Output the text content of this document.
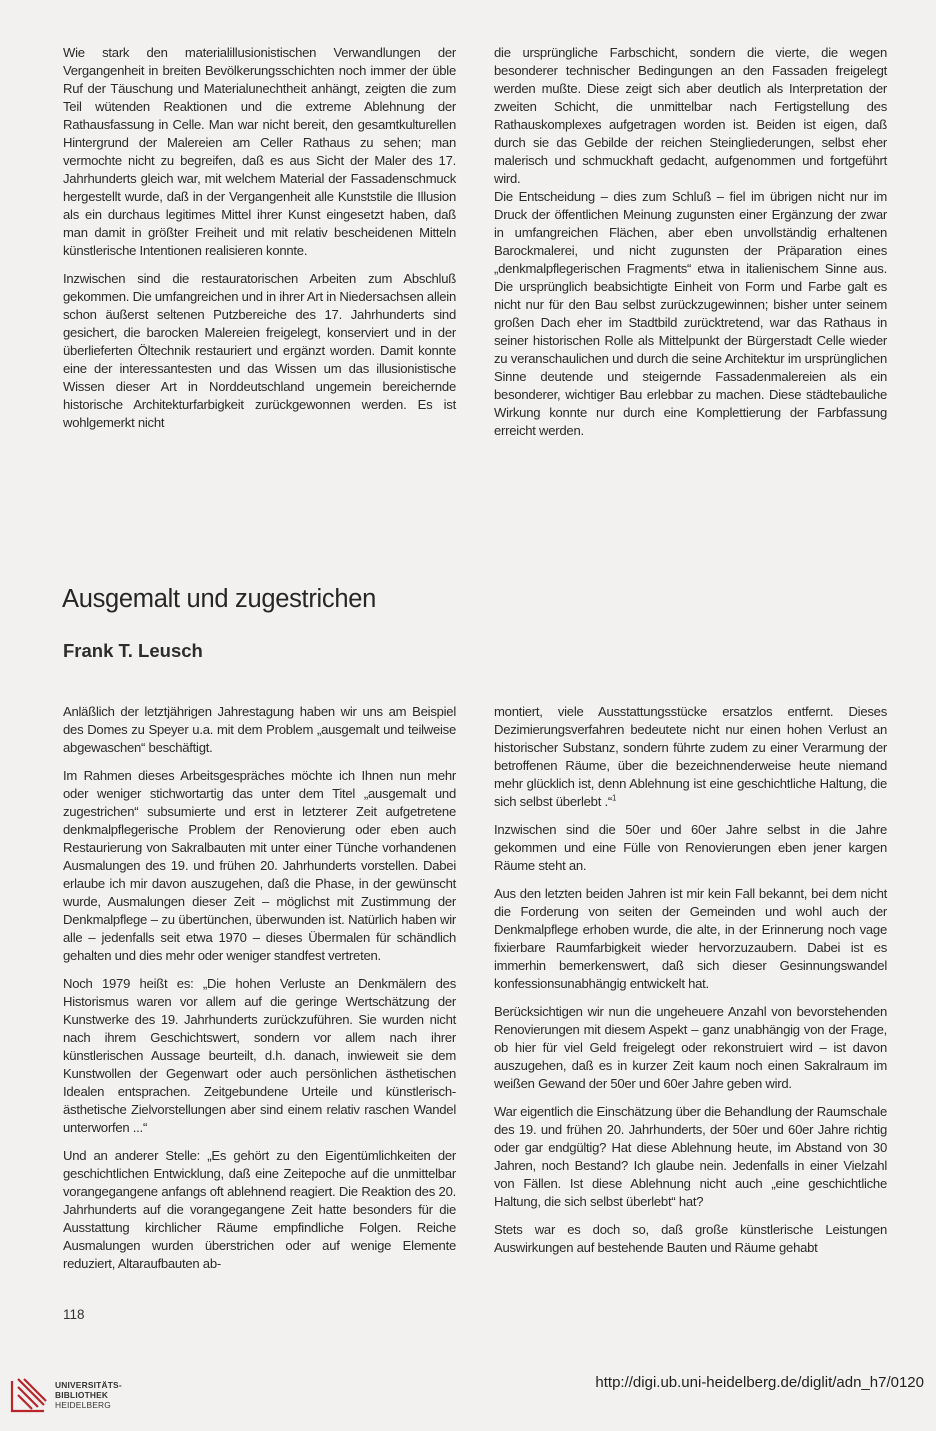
Wie stark den materialillusionistischen Verwandlungen der Vergangenheit in breiten Bevölkerungsschichten noch immer der üble Ruf der Täuschung und Materialunechtheit anhängt, zeigten die zum Teil wütenden Reaktionen und die extreme Ablehnung der Rathausfassung in Celle. Man war nicht bereit, den gesamtkulturellen Hintergrund der Malereien am Celler Rathaus zu sehen; man vermochte nicht zu begreifen, daß es aus Sicht der Maler des 17. Jahrhunderts gleich war, mit welchem Material der Fassadenschmuck hergestellt wurde, daß in der Vergangenheit alle Kunststile die Illusion als ein durchaus legitimes Mittel ihrer Kunst eingesetzt haben, daß man damit in größter Freiheit und mit relativ bescheidenen Mitteln künstlerische Intentionen realisieren konnte.

Inzwischen sind die restauratorischen Arbeiten zum Abschluß gekommen. Die umfangreichen und in ihrer Art in Niedersachsen allein schon äußerst seltenen Putzbereiche des 17. Jahrhunderts sind gesichert, die barocken Malereien freigelegt, konserviert und in der überlieferten Öltechnik restauriert und ergänzt worden. Damit konnte eine der interessantesten und das Wissen um das illusionistische Wissen dieser Art in Norddeutschland ungemein bereichernde historische Architekturfarbigkeit zurückgewonnen werden. Es ist wohlgemerkt nicht

die ursprüngliche Farbschicht, sondern die vierte, die wegen besonderer technischer Bedingungen an den Fassaden freigelegt werden mußte. Diese zeigt sich aber deutlich als Interpretation der zweiten Schicht, die unmittelbar nach Fertigstellung des Rathauskomplexes aufgetragen worden ist. Beiden ist eigen, daß durch sie das Gebilde der reichen Steingliederungen, selbst eher malerisch und schmuckhaft gedacht, aufgenommen und fortgeführt wird.

Die Entscheidung – dies zum Schluß – fiel im übrigen nicht nur im Druck der öffentlichen Meinung zugunsten einer Ergänzung der zwar in umfangreichen Flächen, aber eben unvollständig erhaltenen Barockmalerei, und nicht zugunsten der Präparation eines „denkmalpflegerischen Fragments“ etwa in italienischem Sinne aus. Die ursprünglich beabsichtigte Einheit von Form und Farbe galt es nicht nur für den Bau selbst zurückzugewinnen; bisher unter seinem großen Dach eher im Stadtbild zurücktretend, war das Rathaus in seiner historischen Rolle als Mittelpunkt der Bürgerstadt Celle wieder zu veranschaulichen und durch die seine Architektur im ursprünglichen Sinne deutende und steigernde Fassadenmalereien als ein besonderer, wichtiger Bau erlebbar zu machen. Diese städtebauliche Wirkung konnte nur durch eine Komplettierung der Farbfassung erreicht werden.

Ausgemalt und zugestrichen
Frank T. Leusch

Anläßlich der letztjährigen Jahrestagung haben wir uns am Beispiel des Domes zu Speyer u.a. mit dem Problem „ausgemalt und teilweise abgewaschen“ beschäftigt.

Im Rahmen dieses Arbeitsgespräches möchte ich Ihnen nun mehr oder weniger stichwortartig das unter dem Titel „ausgemalt und zugestrichen“ subsumierte und erst in letzterer Zeit aufgetretene denkmalpflegerische Problem der Renovierung oder eben auch Restaurierung von Sakralbauten mit unter einer Tünche vorhandenen Ausmalungen des 19. und frühen 20. Jahrhunderts vorstellen. Dabei erlaube ich mir davon auszugehen, daß die Phase, in der gewünscht wurde, Ausmalungen dieser Zeit – möglichst mit Zustimmung der Denkmalpflege – zu übertünchen, überwunden ist. Natürlich haben wir alle – jedenfalls seit etwa 1970 – dieses Übermalen für schändlich gehalten und dies mehr oder weniger standfest vertreten.

Noch 1979 heißt es: „Die hohen Verluste an Denkmälern des Historismus waren vor allem auf die geringe Wertschätzung der Kunstwerke des 19. Jahrhunderts zurückzuführen. Sie wurden nicht nach ihrem Geschichtswert, sondern vor allem nach ihrer künstlerischen Aussage beurteilt, d.h. danach, inwieweit sie dem Kunstwollen der Gegenwart oder auch persönlichen ästhetischen Idealen entsprachen. Zeitgebundene Urteile und künstlerisch-ästhetische Zielvorstellungen aber sind einem relativ raschen Wandel unterworfen ...“

Und an anderer Stelle: „Es gehört zu den Eigentümlichkeiten der geschichtlichen Entwicklung, daß eine Zeitepoche auf die unmittelbar vorangegangene anfangs oft ablehnend reagiert. Die Reaktion des 20. Jahrhunderts auf die vorangegangene Zeit hatte besonders für die Ausstattung kirchlicher Räume empfindliche Folgen. Reiche Ausmalungen wurden überstrichen oder auf wenige Elemente reduziert, Altaraufbauten ab-

montiert, viele Ausstattungsstücke ersatzlos entfernt. Dieses Dezimierungsverfahren bedeutete nicht nur einen hohen Verlust an historischer Substanz, sondern führte zudem zu einer Verarmung der betroffenen Räume, über die bezeichnenderweise heute niemand mehr glücklich ist, denn Ablehnung ist eine geschichtliche Haltung, die sich selbst überlebt .“$^1$

Inzwischen sind die 50er und 60er Jahre selbst in die Jahre gekommen und eine Fülle von Renovierungen eben jener kargen Räume steht an.

Aus den letzten beiden Jahren ist mir kein Fall bekannt, bei dem nicht die Forderung von seiten der Gemeinden und wohl auch der Denkmalpflege erhoben wurde, die alte, in der Erinnerung noch vage fixierbare Raumfarbigkeit wieder hervorzuzaubern. Dabei ist es immerhin bemerkenswert, daß sich dieser Gesinnungswandel konfessionsunabhängig entwickelt hat.

Berücksichtigen wir nun die ungeheuere Anzahl von bevorstehenden Renovierungen mit diesem Aspekt – ganz unabhängig von der Frage, ob hier für viel Geld freigelegt oder rekonstruiert wird – ist davon auszugehen, daß es in kurzer Zeit kaum noch einen Sakralraum im weißen Gewand der 50er und 60er Jahre geben wird.

War eigentlich die Einschätzung über die Behandlung der Raumschale des 19. und frühen 20. Jahrhunderts, der 50er und 60er Jahre richtig oder gar endgültig? Hat diese Ablehnung heute, im Abstand von 30 Jahren, noch Bestand? Ich glaube nein. Jedenfalls in einer Vielzahl von Fällen. Ist diese Ablehnung nicht auch „eine geschichtliche Haltung, die sich selbst überlebt“ hat?

Stets war es doch so, daß große künstlerische Leistungen Auswirkungen auf bestehende Bauten und Räume gehabt

118
UNIVERSITÄTS-
BIBLIOTHEK
HEIDELBERG
http://digi.ub.uni-heidelberg.de/diglit/adn_h7/0120
